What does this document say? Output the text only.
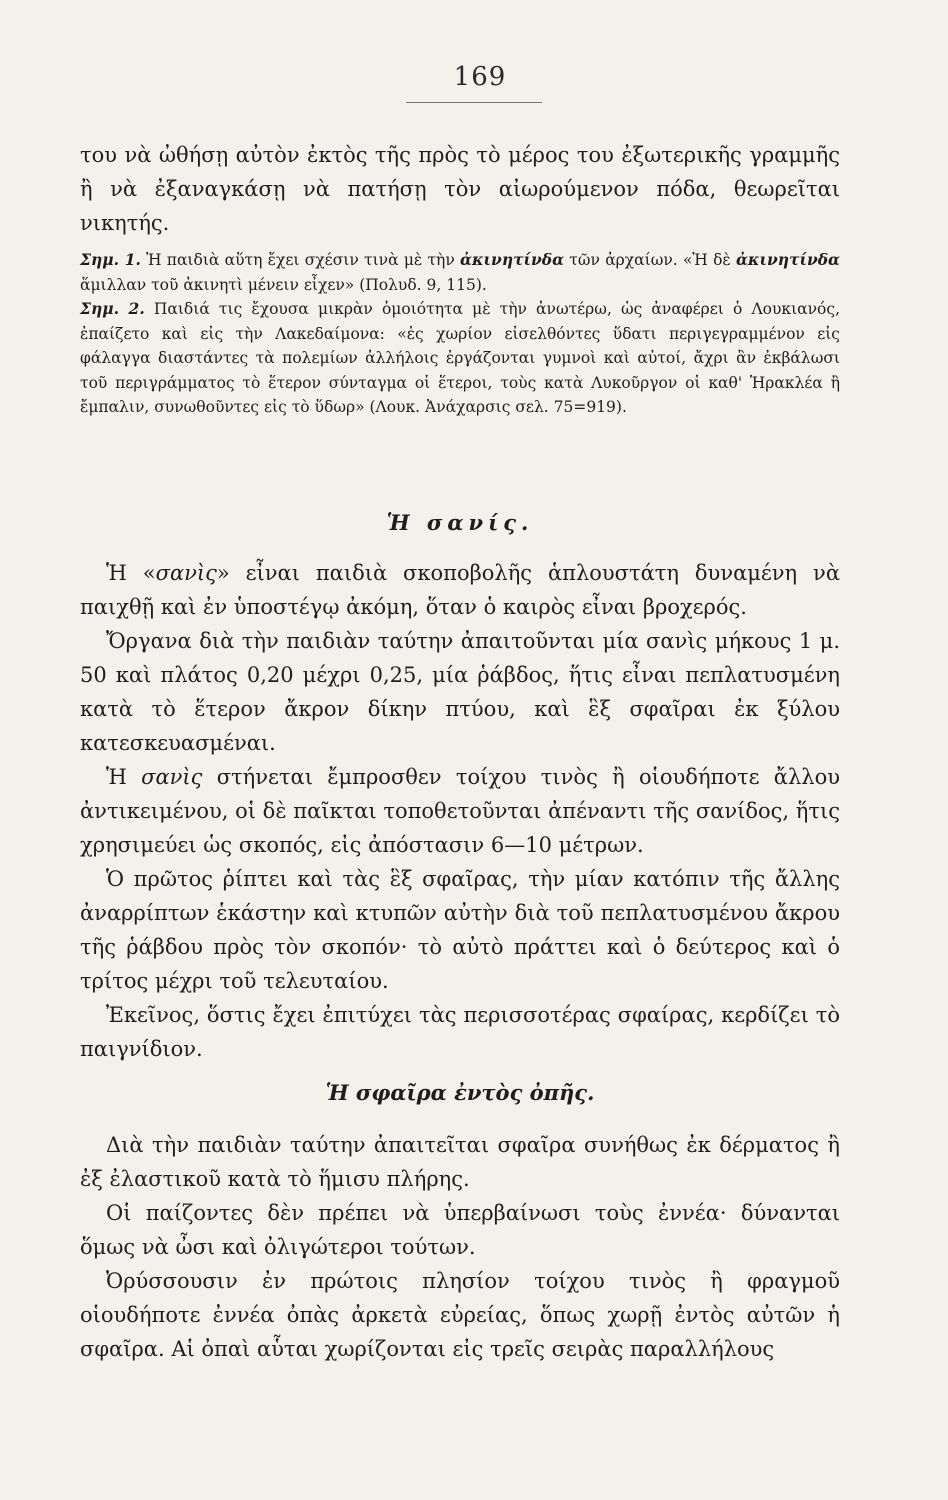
169

του νὰ ὠθήσῃ αὐτὸν ἐκτὸς τῆς πρὸς τὸ μέρος του ἐξωτερικῆς γραμμῆς ἢ νὰ ἐξαναγκάσῃ νὰ πατήσῃ τὸν αἰωρούμενον πόδα, θεωρεῖται νικητής.

Σημ. 1. Ἡ παιδιὰ αὕτη ἔχει σχέσιν τινὰ μὲ τὴν ἀκινητίνδα τῶν ἀρχαίων. «Ἡ δὲ ἀκινητίνδα ἅμιλλαν τοῦ ἀκινητὶ μένειν εἶχεν» (Πολυδ. 9, 115).

Σημ. 2. Παιδιά τις ἔχουσα μικρὰν ὁμοιότητα μὲ τὴν ἀνωτέρω, ὡς ἀναφέρει ὁ Λουκιανός, ἐπαίζετο καὶ εἰς τὴν Λακεδαίμονα: «ἐς χωρίον εἰσελθόντες ὕδατι περιγεγραμμένον εἰς φάλαγγα διαστάντες τὰ πολεμίων ἀλλήλοις ἐργάζονται γυμνοὶ καὶ αὐτοί, ἄχρι ἂν ἐκβάλωσι τοῦ περιγράμματος τὸ ἕτερον σύνταγμα οἱ ἕτεροι, τοὺς κατὰ Λυκοῦργον οἱ καθ' Ἡρακλέα ἢ ἔμπαλιν, συνωθοῦντες εἰς τὸ ὕδωρ» (Λουκ. Ἀνάχαρσις σελ. 75=919).

Ἡ σανίς.

Ἡ «σανὶς» εἶναι παιδιὰ σκοποβολῆς ἁπλουστάτη δυναμένη νὰ παιχθῇ καὶ ἐν ὑποστέγῳ ἀκόμη, ὅταν ὁ καιρὸς εἶναι βροχερός.

Ὄργανα διὰ τὴν παιδιὰν ταύτην ἀπαιτοῦνται μία σανὶς μήκους 1 μ. 50 καὶ πλάτος 0,20 μέχρι 0,25, μία ῥάβδος, ἥτις εἶναι πεπλατυσμένη κατὰ τὸ ἕτερον ἄκρον δίκην πτύου, καὶ ἓξ σφαῖραι ἐκ ξύλου κατεσκευασμέναι.

Ἡ σανὶς στήνεται ἔμπροσθεν τοίχου τινὸς ἢ οἱουδήποτε ἄλλου ἀντικειμένου, οἱ δὲ παῖκται τοποθετοῦνται ἀπέναντι τῆς σανίδος, ἥτις χρησιμεύει ὡς σκοπός, εἰς ἀπόστασιν 6—10 μέτρων.

Ὁ πρῶτος ῥίπτει καὶ τὰς ἓξ σφαῖρας, τὴν μίαν κατόπιν τῆς ἄλλης ἀναρρίπτων ἑκάστην καὶ κτυπῶν αὐτὴν διὰ τοῦ πεπλατυσμένου ἄκρου τῆς ῥάβδου πρὸς τὸν σκοπόν· τὸ αὐτὸ πράττει καὶ ὁ δεύτερος καὶ ὁ τρίτος μέχρι τοῦ τελευταίου.

Ἐκεῖνος, ὅστις ἔχει ἐπιτύχει τὰς περισσοτέρας σφαίρας, κερδίζει τὸ παιγνίδιον.

Ἡ σφαῖρα ἐντὸς ὀπῆς.

Διὰ τὴν παιδιὰν ταύτην ἀπαιτεῖται σφαῖρα συνήθως ἐκ δέρματος ἢ ἐξ ἐλαστικοῦ κατὰ τὸ ἥμισυ πλήρης.

Οἱ παίζοντες δὲν πρέπει νὰ ὑπερβαίνωσι τοὺς ἐννέα· δύνανται ὅμως νὰ ὦσι καὶ ὀλιγώτεροι τούτων.

Ὀρύσσουσιν ἐν πρώτοις πλησίον τοίχου τινὸς ἢ φραγμοῦ οἱουδήποτε ἐννέα ὀπὰς ἀρκετὰ εὐρείας, ὅπως χωρῇ ἐντὸς αὐτῶν ἡ σφαῖρα. Αἱ ὀπαὶ αὗται χωρίζονται εἰς τρεῖς σειρὰς παραλλήλους
